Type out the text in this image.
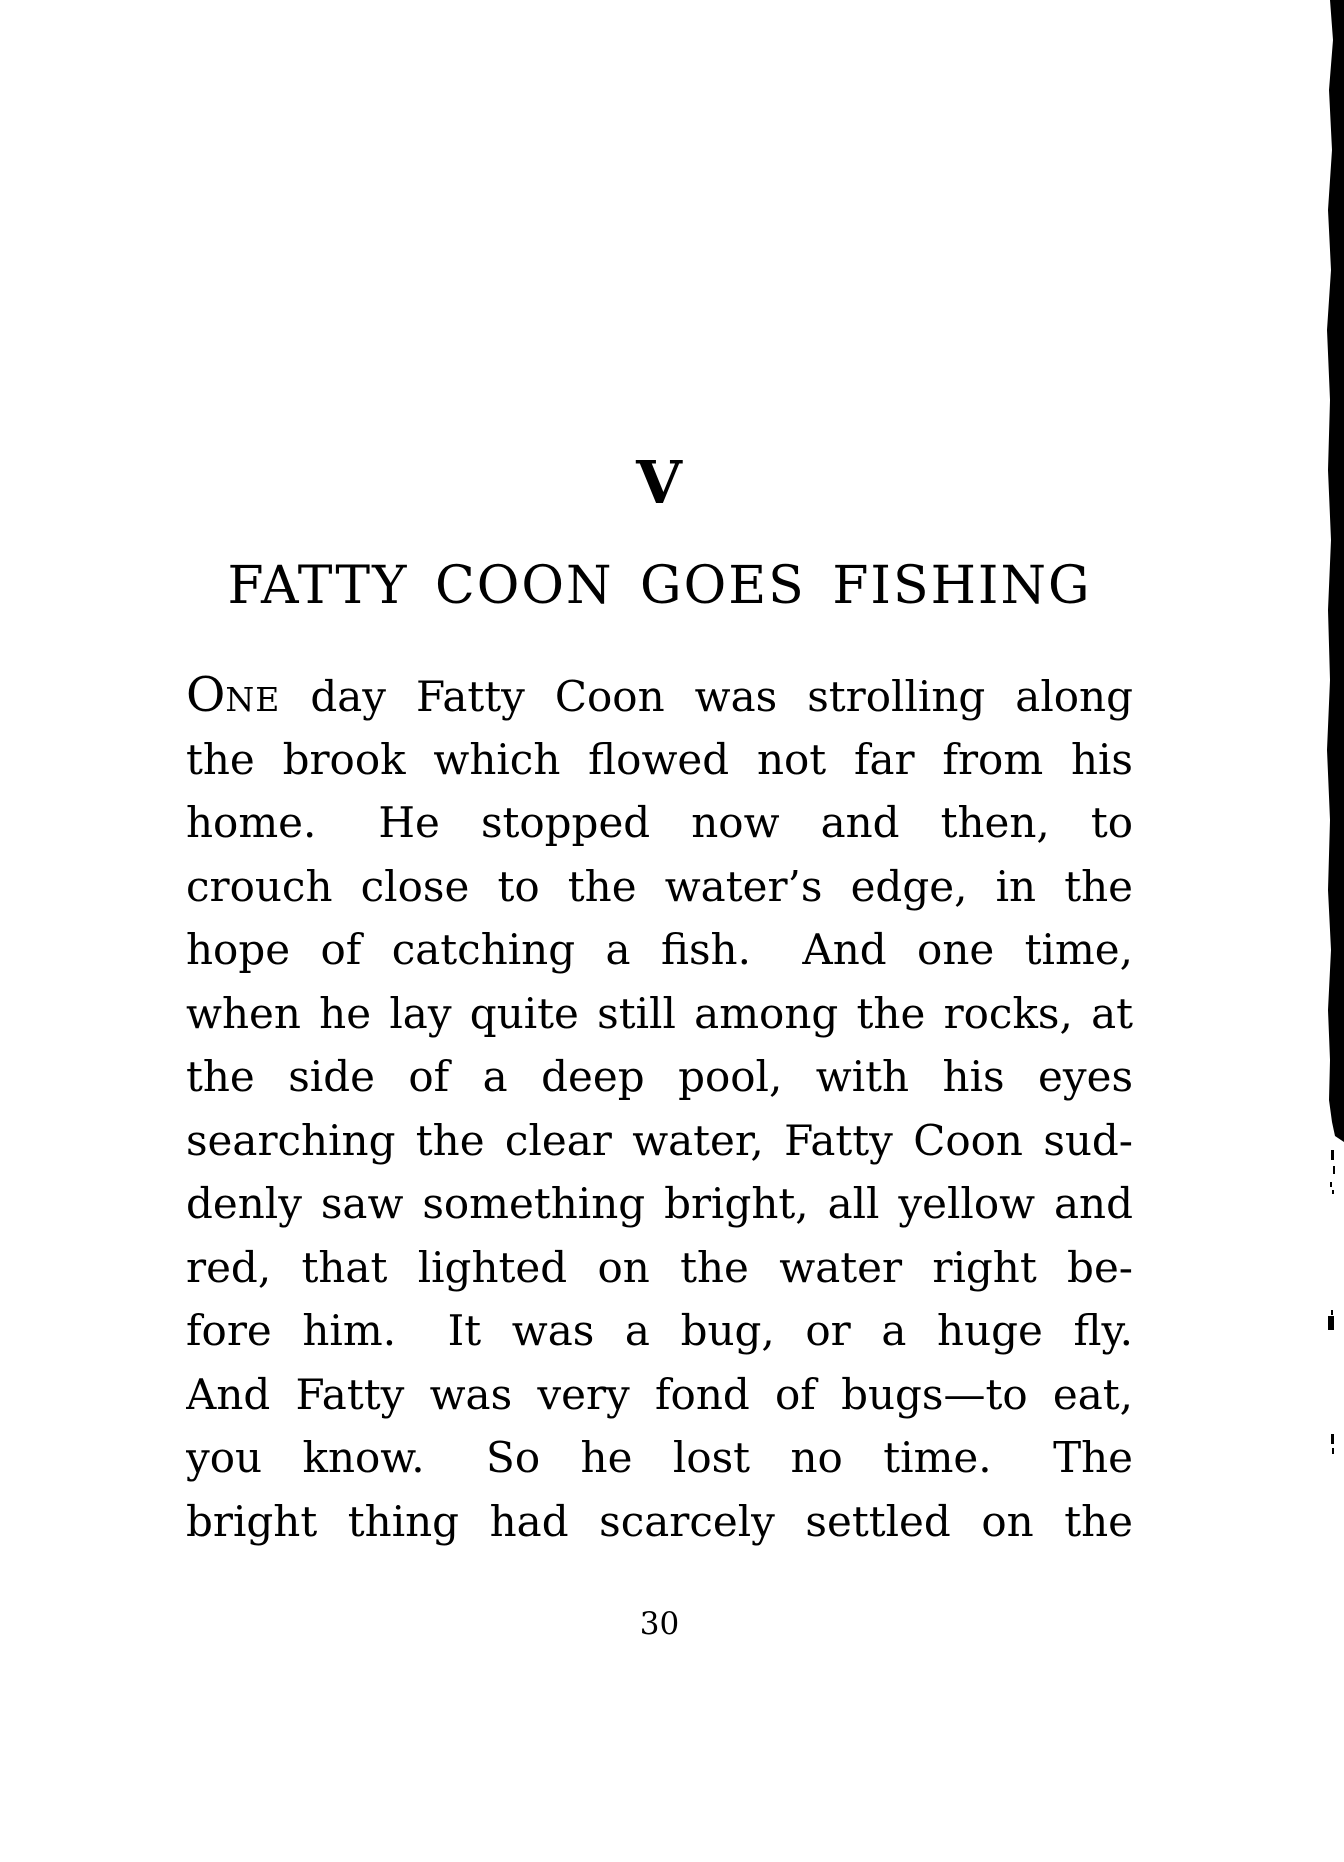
V
FATTY COON GOES FISHING
ONE day Fatty Coon was strolling along
the brook which flowed not far from his
home.  He stopped now and then, to
crouch close to the water’s edge, in the
hope of catching a fish.  And one time,
when he lay quite still among the rocks, at
the side of a deep pool, with his eyes
searching the clear water, Fatty Coon sud-
denly saw something bright, all yellow and
red, that lighted on the water right be-
fore him.  It was a bug, or a huge fly.
And Fatty was very fond of bugs—to eat,
you know.  So he lost no time.  The
bright thing had scarcely settled on the
30
